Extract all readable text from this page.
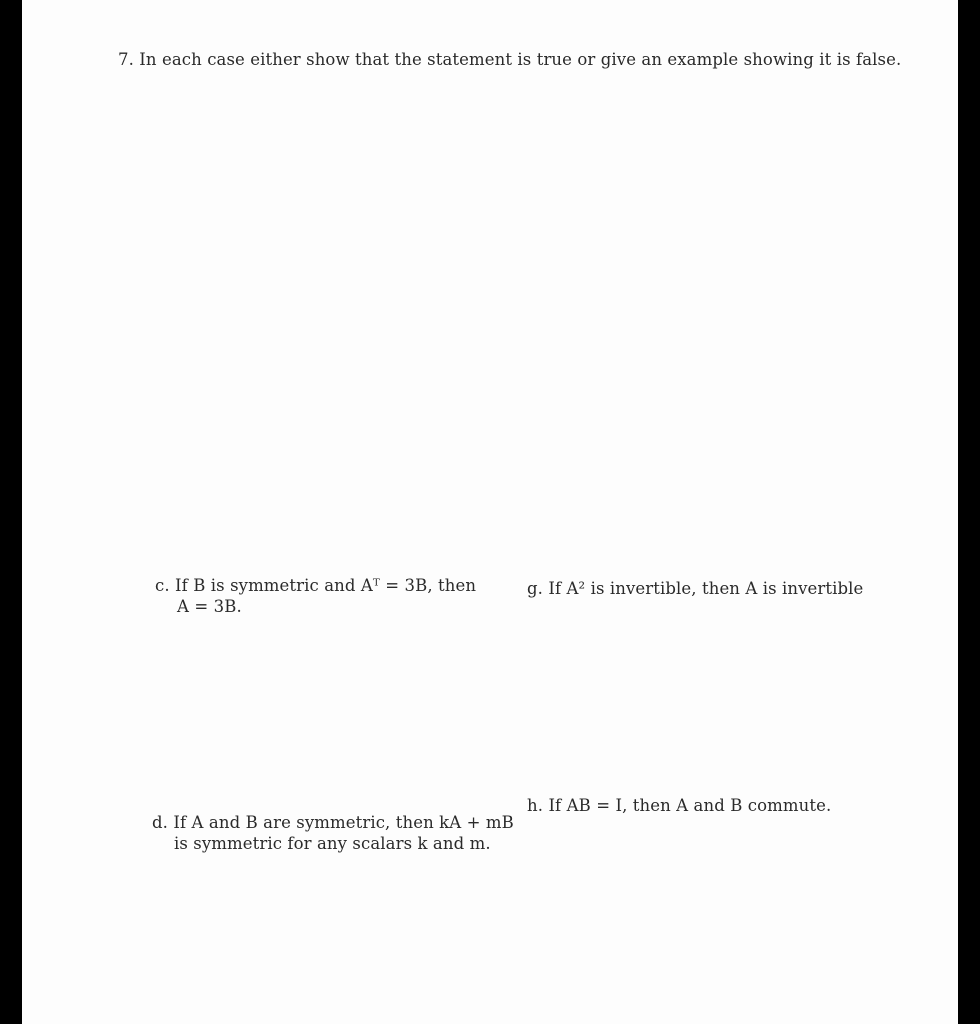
7. In each case either show that the statement is true or give an example showing it is false.
c. If B is symmetric and Aᵀ = 3B, then
A = 3B.
g. If A² is invertible, then A is invertible
h. If AB = I, then A and B commute.
d. If A and B are symmetric, then kA + mB
is symmetric for any scalars k and m.
